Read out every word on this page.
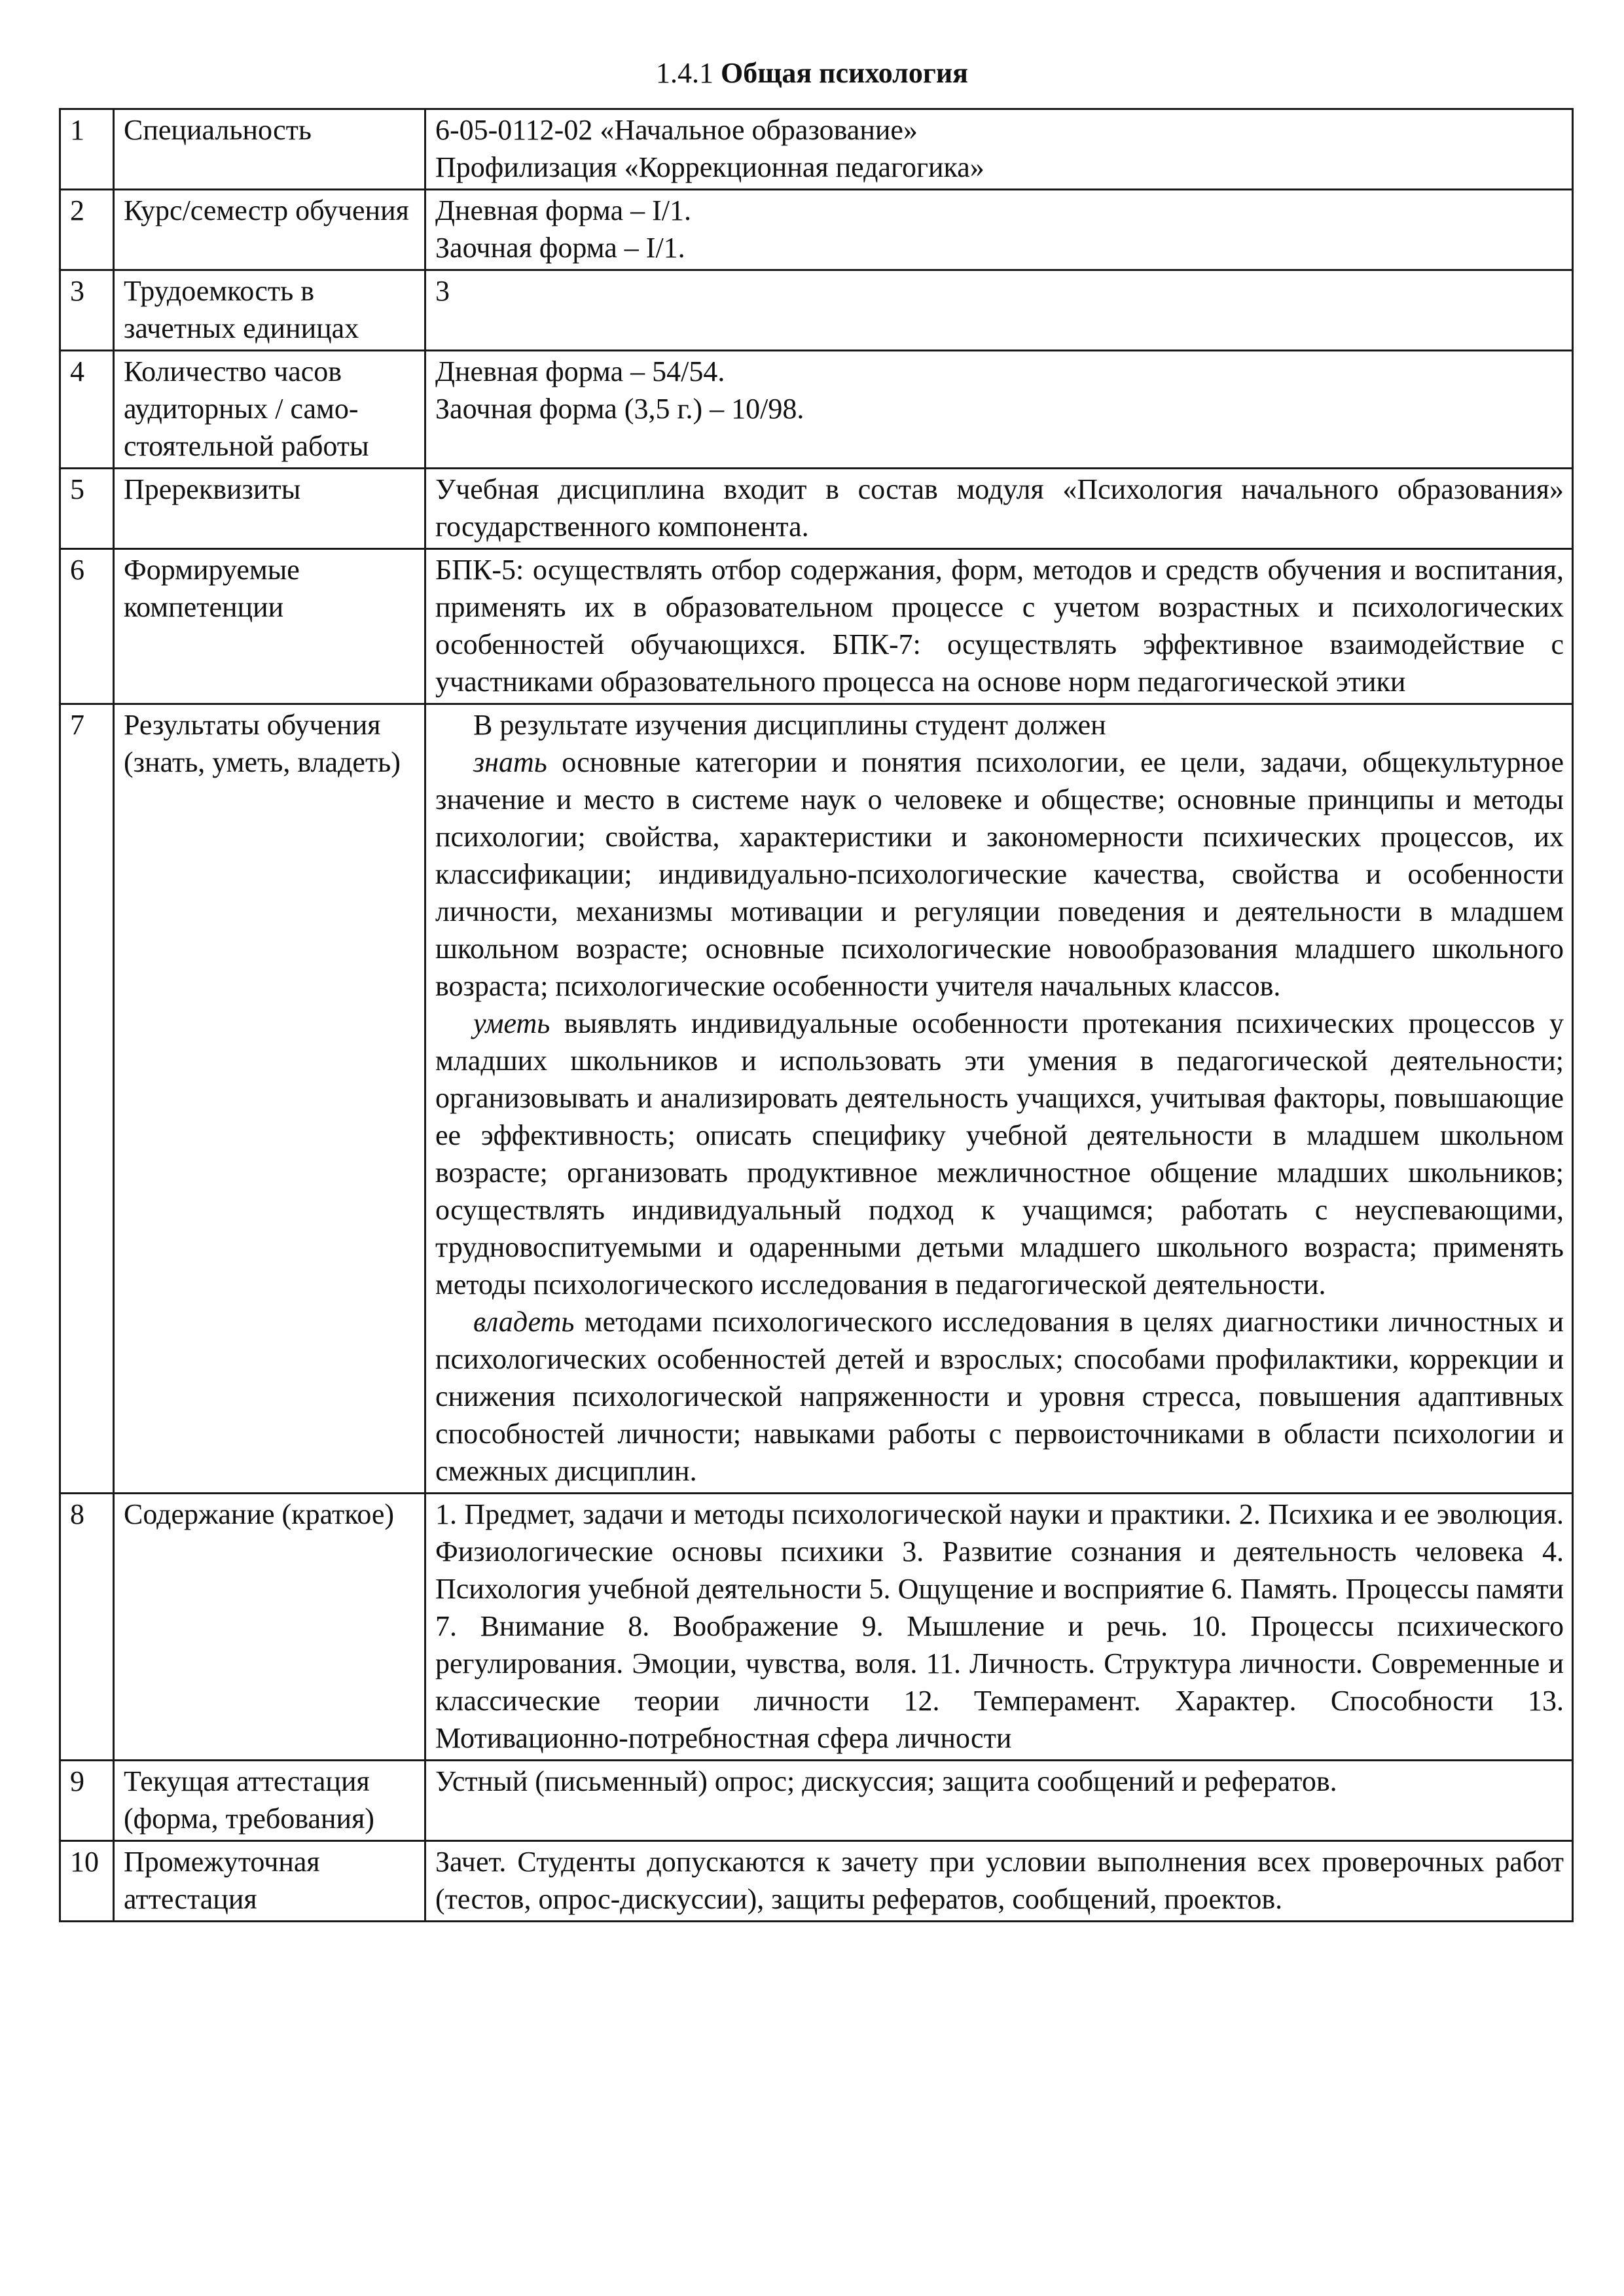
1.4.1 Общая психология
1	Специальность	6-05-0112-02 «Начальное образование»
Профилизация «Коррекционная педагогика»

2	Курс/семестр обучения	Дневная форма – I/1.
Заочная форма – I/1.

3	Трудоемкость в зачетных единицах	3

4	Количество часов аудиторных / само-стоятельной работы	Дневная форма – 54/54.
Заочная форма (3,5 г.) – 10/98.

5	Пререквизиты	Учебная дисциплина входит в состав модуля «Психология начального образования» государственного компонента.
6	Формируемые компетенции	БПК-5: осуществлять отбор содержания, форм, методов и средств обучения и воспитания, применять их в образовательном процессе с учетом возрастных и психологических особенностей обучающихся. БПК-7: осуществлять эффективное взаимодействие с участниками образовательного процесса на основе норм педагогической этики
7	Результаты обучения (знать, уметь, владеть)	В результате изучения дисциплины студент должен
знать основные категории и понятия психологии, ее цели, задачи, общекультурное значение и место в системе наук о человеке и обществе; основные принципы и методы психологии; свойства, характеристики и закономерности психических процессов, их классификации; индивидуально-психологические качества, свойства и особенности личности, механизмы мотивации и регуляции поведения и деятельности в младшем школьном возрасте; основные психологические новообразования младшего школьного возраста; психологические особенности учителя начальных классов.
уметь выявлять индивидуальные особенности протекания психических процессов у младших школьников и использовать эти умения в педагогической деятельности; организовывать и анализировать деятельность учащихся, учитывая факторы, повышающие ее эффективность; описать специфику учебной деятельности в младшем школьном возрасте; организовать продуктивное межличностное общение младших школьников; осуществлять индивидуальный подход к учащимся; работать с неуспевающими, трудновоспитуемыми и одаренными детьми младшего школьного возраста; применять методы психологического исследования в педагогической деятельности.
владеть методами психологического исследования в целях диагностики личностных и психологических особенностей детей и взрослых; способами профилактики, коррекции и снижения психологической напряженности и уровня стресса, повышения адаптивных способностей личности; навыками работы с первоисточниками в области психологии и смежных дисциплин.

8	Содержание (краткое)	1. Предмет, задачи и методы психологической науки и практики. 2. Психика и ее эволюция. Физиологические основы психики 3. Развитие сознания и деятельность человека 4. Психология учебной деятельности 5. Ощущение и восприятие 6. Память. Процессы памяти 7. Внимание 8. Воображение 9. Мышление и речь. 10. Процессы психического регулирования. Эмоции, чувства, воля. 11. Личность. Структура личности. Современные и классические теории личности 12. Темперамент. Характер. Способности 13. Мотивационно-потребностная сфера личности
9	Текущая аттестация (форма, требования)	Устный (письменный) опрос; дискуссия; защита сообщений и рефератов.
10	Промежуточная аттестация	Зачет. Студенты допускаются к зачету при условии выполнения всех проверочных работ (тестов, опрос-дискуссии), защиты рефератов, сообщений, проектов.
